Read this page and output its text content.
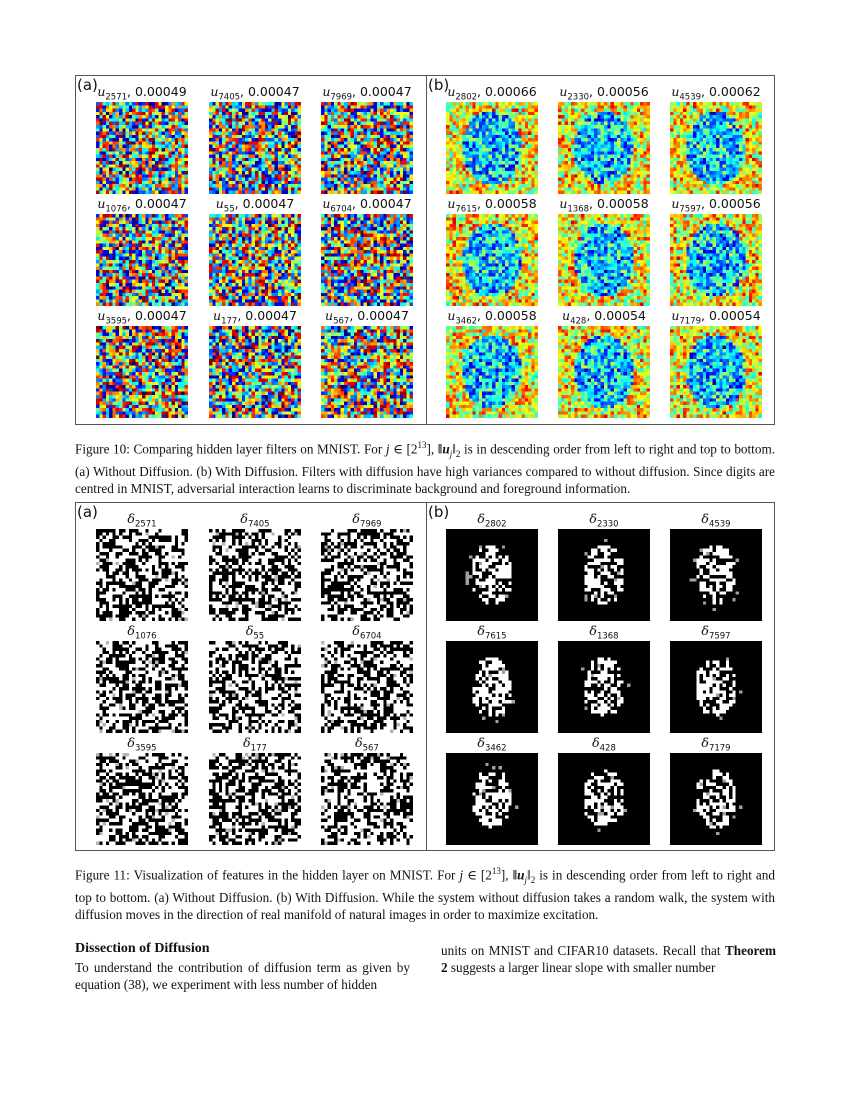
(a)	(b)
$u_{2571}$, 0.00049 $u_{7405}$, 0.00047 $u_{7969}$, 0.00047
$u_{1076}$, 0.00047	$u_{55}$, 0.00047	$u_{6704}$, 0.00047
$u_{3595}$, 0.00047	$u_{177}$, 0.00047	$u_{567}$, 0.00047
$u_{2802}$, 0.00066 $u_{2330}$, 0.00056 $u_{4539}$, 0.00062
$u_{7615}$, 0.00058 $u_{1368}$, 0.00058 $u_{7597}$, 0.00056
$u_{3462}$, 0.00058	$u_{428}$, 0.00054	$u_{7179}$, 0.00054
Figure 10: Comparing hidden layer filters on MNIST. For j ∈ $[2^{13}]$, $‖u_j‖_2$ is in descending order from left to right and top to bottom. (a) Without Diffusion. (b) With Diffusion. Filters with diffusion have high variances compared to without diffusion. Since digits are centred in MNIST, adversarial interaction learns to discriminate background and foreground information.
(a)	(b)
$\delta_{2571}$	$\delta_{7405}$	$\delta_{7969}$
$\delta_{1076}$	$\delta_{55}$	$\delta_{6704}$
$\delta_{3595}$	$\delta_{177}$	$\delta_{567}$
$\delta_{2802}$	$\delta_{2330}$	$\delta_{4539}$
$\delta_{7615}$	$\delta_{1368}$	$\delta_{7597}$
$\delta_{3462}$	$\delta_{428}$	$\delta_{7179}$
Figure 11: Visualization of features in the hidden layer on MNIST. For j ∈ $[2^{13}]$, $‖u_j‖_2$ is in descending order from left to right and top to bottom. (a) Without Diffusion. (b) With Diffusion. While the system without diffusion takes a random walk, the system with diffusion moves in the direction of real manifold of natural images in order to maximize excitation.
Dissection of Diffusion
To understand the contribution of diffusion term as given by equation (38), we experiment with less number of hidden
units on MNIST and CIFAR10 datasets. Recall that Theorem 2 suggests a larger linear slope with smaller number
